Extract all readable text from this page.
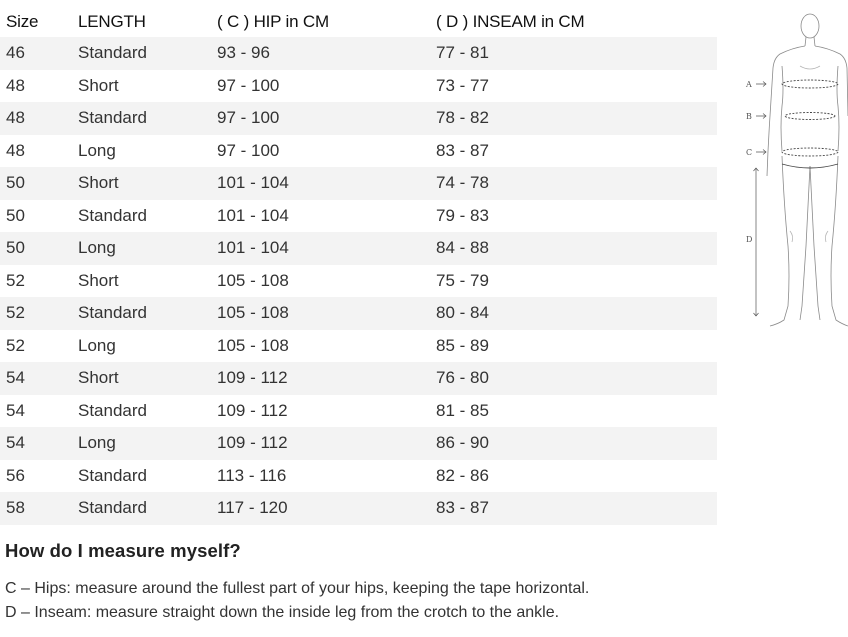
Size	LENGTH	( C ) HIP in CM	( D ) INSEAM in CM
46	Standard	93 - 96	77 - 81
48	Short	97 - 100	73 - 77
48	Standard	97 - 100	78 - 82
48	Long	97 - 100	83 - 87
50	Short	101 - 104	74 - 78
50	Standard	101 - 104	79 - 83
50	Long	101 - 104	84 - 88
52	Short	105 - 108	75 - 79
52	Standard	105 - 108	80 - 84
52	Long	105 - 108	85 - 89
54	Short	109 - 112	76 - 80
54	Standard	109 - 112	81 - 85
54	Long	109 - 112	86 - 90
56	Standard	113 - 116	82 - 86
58	Standard	117 - 120	83 - 87
A
B
C
D
How do I measure myself?

C – Hips: measure around the fullest part of your hips, keeping the tape horizontal.

D – Inseam: measure straight down the inside leg from the crotch to the ankle.
